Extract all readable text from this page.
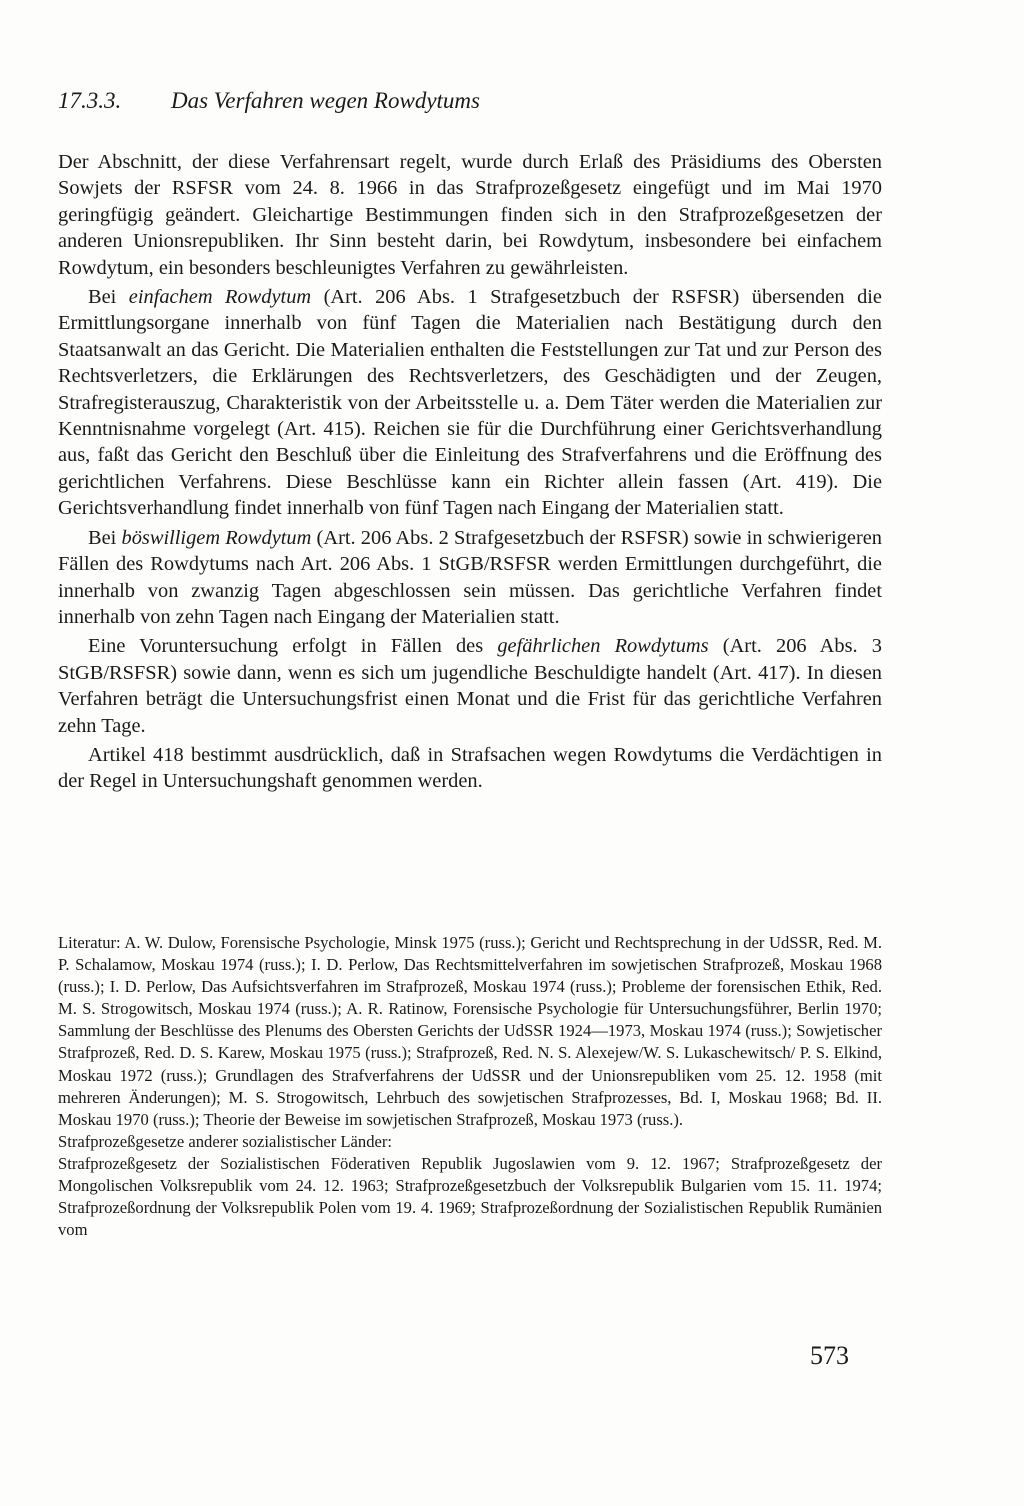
17.3.3. Das Verfahren wegen Rowdytums

Der Abschnitt, der diese Verfahrensart regelt, wurde durch Erlaß des Präsidiums des Obersten Sowjets der RSFSR vom 24. 8. 1966 in das Strafprozeßgesetz eingefügt und im Mai 1970 geringfügig geändert. Gleichartige Bestimmungen finden sich in den Strafprozeßgesetzen der anderen Unionsrepubliken. Ihr Sinn besteht darin, bei Rowdytum, insbesondere bei einfachem Rowdytum, ein besonders beschleunigtes Verfahren zu gewährleisten.

Bei einfachem Rowdytum (Art. 206 Abs. 1 Strafgesetzbuch der RSFSR) übersenden die Ermittlungsorgane innerhalb von fünf Tagen die Materialien nach Bestätigung durch den Staatsanwalt an das Gericht. Die Materialien enthalten die Feststellungen zur Tat und zur Person des Rechtsverletzers, die Erklärungen des Rechtsverletzers, des Geschädigten und der Zeugen, Strafregisterauszug, Charakteristik von der Arbeitsstelle u. a. Dem Täter werden die Materialien zur Kenntnisnahme vorgelegt (Art. 415). Reichen sie für die Durchführung einer Gerichtsverhandlung aus, faßt das Gericht den Beschluß über die Einleitung des Strafverfahrens und die Eröffnung des gerichtlichen Verfahrens. Diese Beschlüsse kann ein Richter allein fassen (Art. 419). Die Gerichtsverhandlung findet innerhalb von fünf Tagen nach Eingang der Materialien statt.

Bei böswilligem Rowdytum (Art. 206 Abs. 2 Strafgesetzbuch der RSFSR) sowie in schwierigeren Fällen des Rowdytums nach Art. 206 Abs. 1 StGB/RSFSR werden Ermittlungen durchgeführt, die innerhalb von zwanzig Tagen abgeschlossen sein müssen. Das gerichtliche Verfahren findet innerhalb von zehn Tagen nach Eingang der Materialien statt.

Eine Voruntersuchung erfolgt in Fällen des gefährlichen Rowdytums (Art. 206 Abs. 3 StGB/RSFSR) sowie dann, wenn es sich um jugendliche Beschuldigte handelt (Art. 417). In diesen Verfahren beträgt die Untersuchungsfrist einen Monat und die Frist für das gerichtliche Verfahren zehn Tage.

Artikel 418 bestimmt ausdrücklich, daß in Strafsachen wegen Rowdytums die Verdächtigen in der Regel in Untersuchungshaft genommen werden.

Literatur: A. W. Dulow, Forensische Psychologie, Minsk 1975 (russ.); Gericht und Rechtsprechung in der UdSSR, Red. M. P. Schalamow, Moskau 1974 (russ.); I. D. Perlow, Das Rechtsmittelverfahren im sowjetischen Strafprozeß, Moskau 1968 (russ.); I. D. Perlow, Das Aufsichtsverfahren im Strafprozeß, Moskau 1974 (russ.); Probleme der forensischen Ethik, Red. M. S. Strogowitsch, Moskau 1974 (russ.); A. R. Ratinow, Forensische Psychologie für Untersuchungsführer, Berlin 1970; Sammlung der Beschlüsse des Plenums des Obersten Gerichts der UdSSR 1924—1973, Moskau 1974 (russ.); Sowjetischer Strafprozeß, Red. D. S. Karew, Moskau 1975 (russ.); Strafprozeß, Red. N. S. Alexejew/W. S. Lukaschewitsch/ P. S. Elkind, Moskau 1972 (russ.); Grundlagen des Strafverfahrens der UdSSR und der Unionsrepubliken vom 25. 12. 1958 (mit mehreren Änderungen); M. S. Strogowitsch, Lehrbuch des sowjetischen Strafprozesses, Bd. I, Moskau 1968; Bd. II. Moskau 1970 (russ.); Theorie der Beweise im sowjetischen Strafprozeß, Moskau 1973 (russ.).

Strafprozeßgesetze anderer sozialistischer Länder:

Strafprozeßgesetz der Sozialistischen Föderativen Republik Jugoslawien vom 9. 12. 1967; Strafprozeßgesetz der Mongolischen Volksrepublik vom 24. 12. 1963; Strafprozeßgesetzbuch der Volksrepublik Bulgarien vom 15. 11. 1974; Strafprozeßordnung der Volksrepublik Polen vom 19. 4. 1969; Strafprozeßordnung der Sozialistischen Republik Rumänien vom

573
